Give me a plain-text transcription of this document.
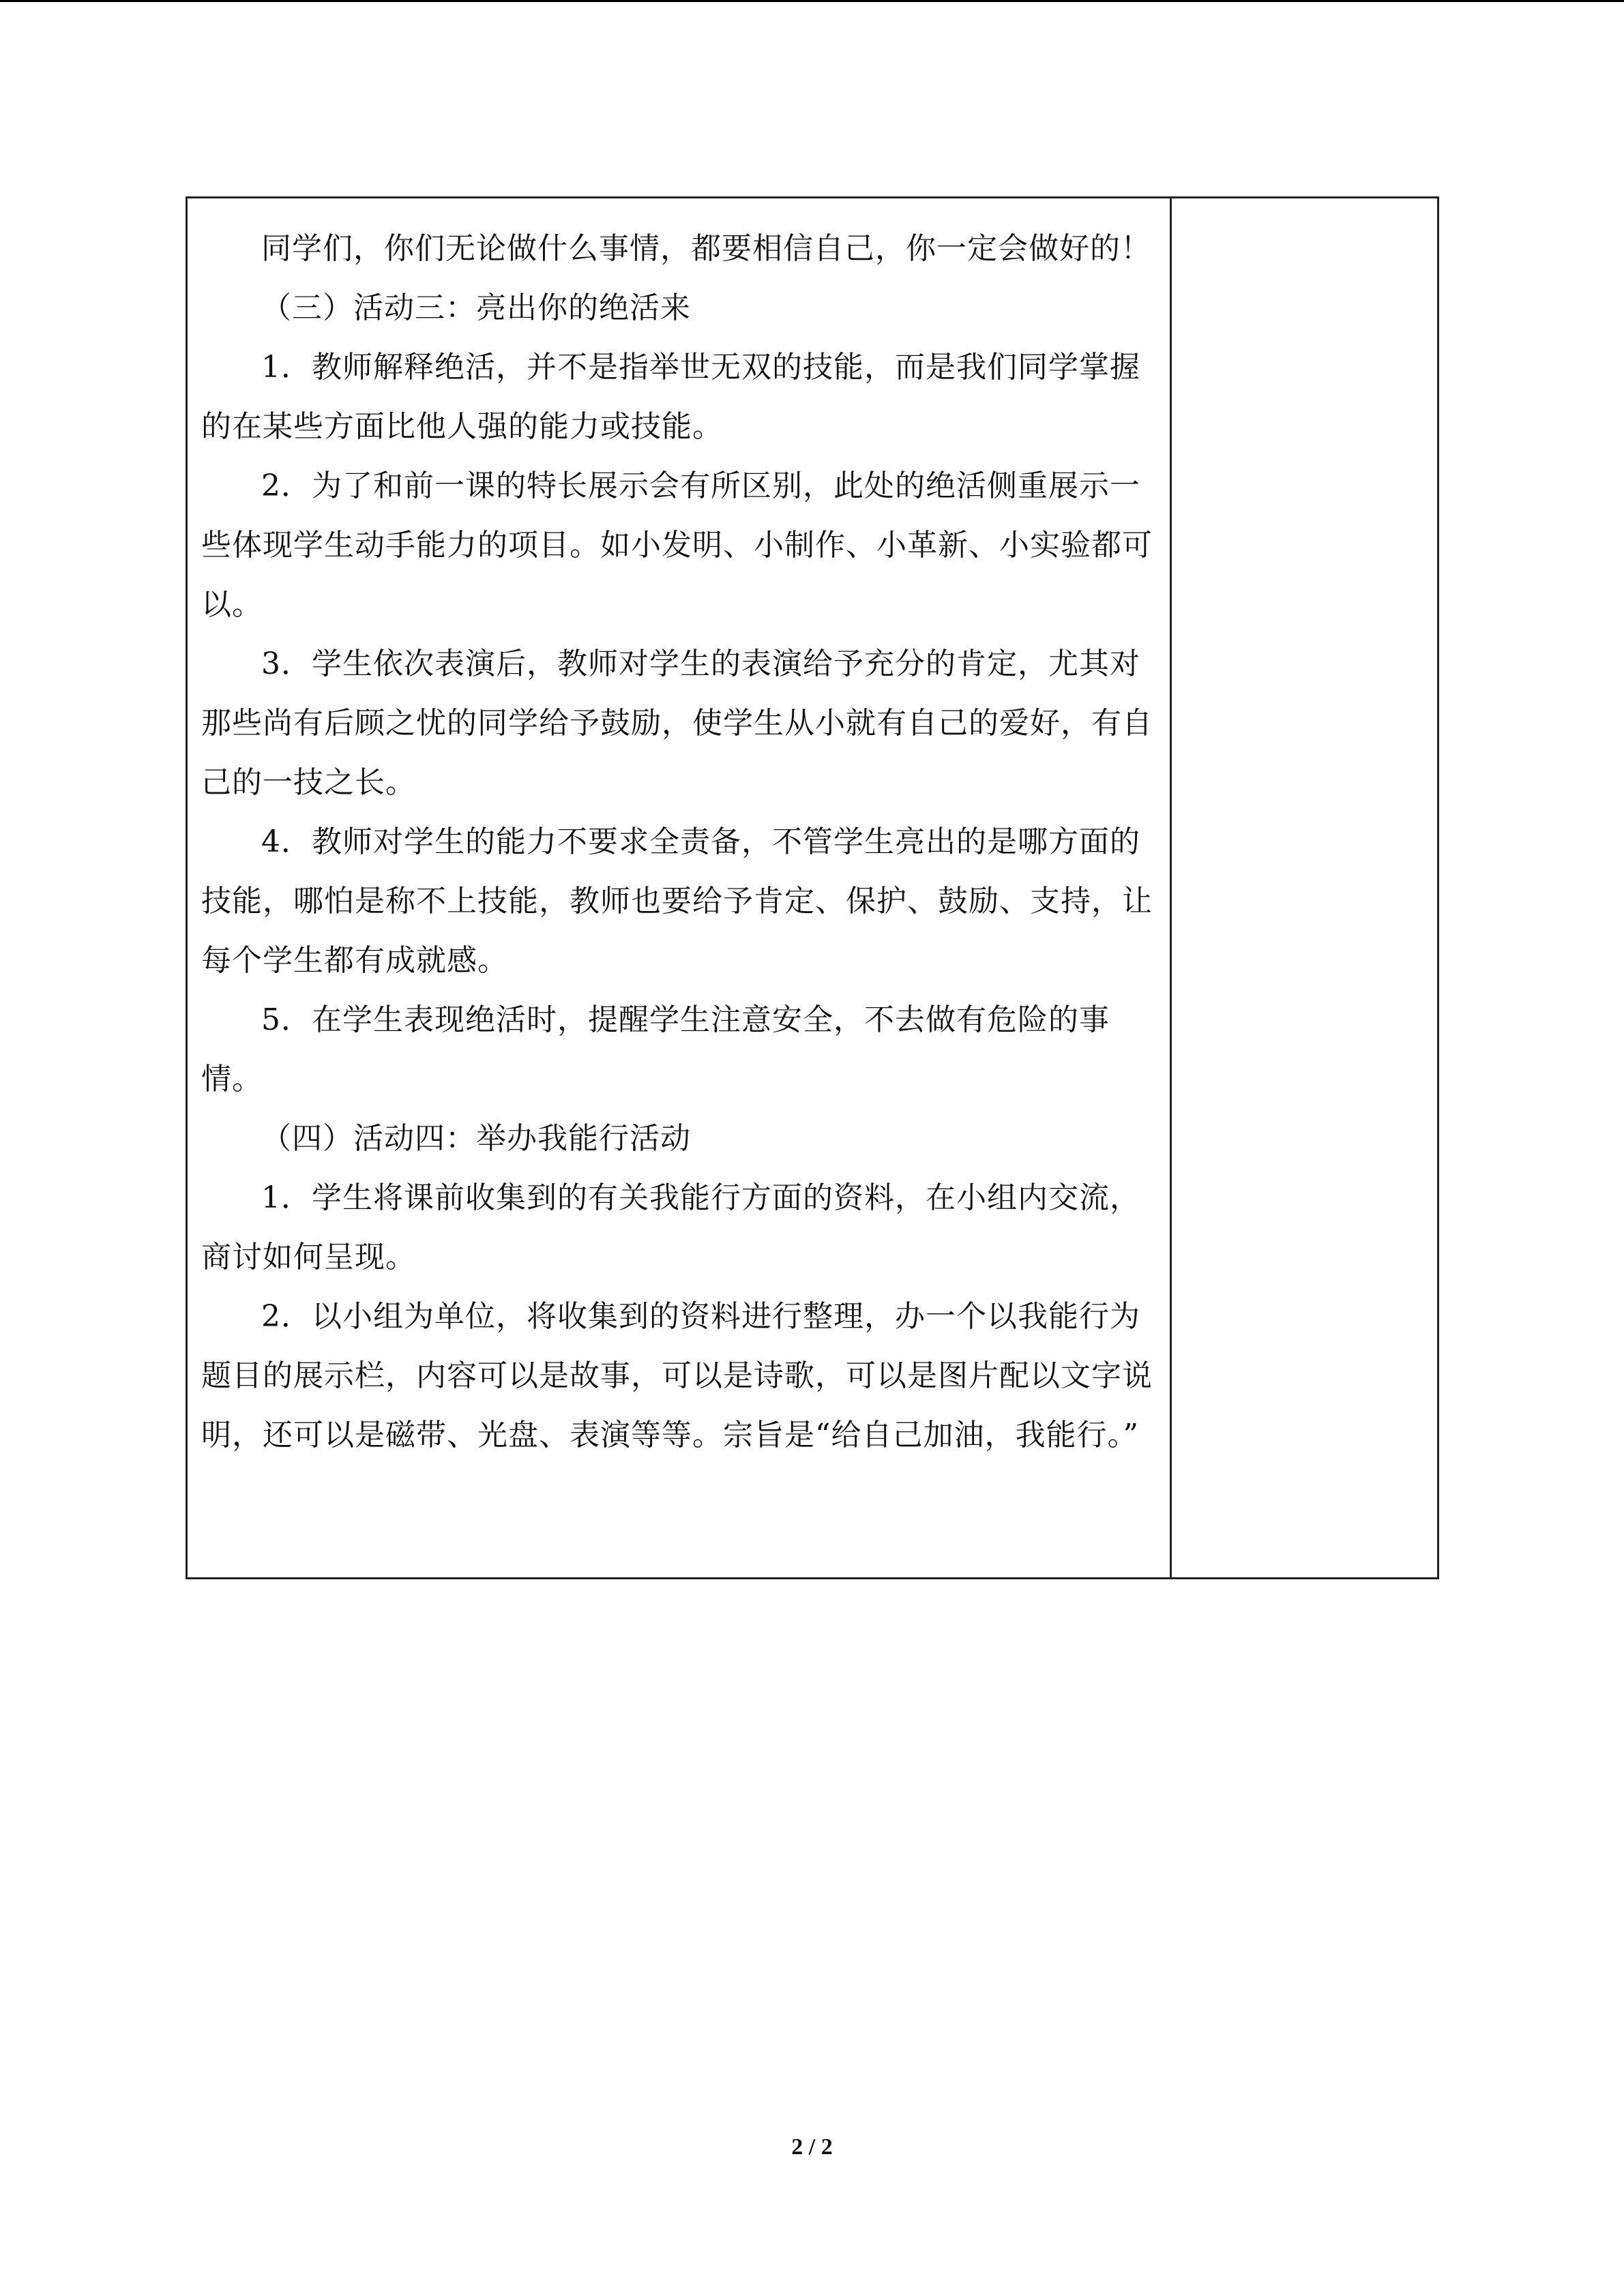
同学们，你们无论做什么事情，都要相信自己，你一定会做好的！

（三）活动三：亮出你的绝活来

1．教师解释绝活，并不是指举世无双的技能，而是我们同学掌握的在某些方面比他人强的能力或技能。

2．为了和前一课的特长展示会有所区别，此处的绝活侧重展示一些体现学生动手能力的项目。如小发明、小制作、小革新、小实验都可以。

3．学生依次表演后，教师对学生的表演给予充分的肯定，尤其对那些尚有后顾之忧的同学给予鼓励，使学生从小就有自己的爱好，有自己的一技之长。

4．教师对学生的能力不要求全责备，不管学生亮出的是哪方面的技能，哪怕是称不上技能，教师也要给予肯定、保护、鼓励、支持，让每个学生都有成就感。

5．在学生表现绝活时，提醒学生注意安全，不去做有危险的事情。

（四）活动四：举办我能行活动

1．学生将课前收集到的有关我能行方面的资料，在小组内交流，商讨如何呈现。

2．以小组为单位，将收集到的资料进行整理，办一个以我能行为题目的展示栏，内容可以是故事，可以是诗歌，可以是图片配以文字说明，还可以是磁带、光盘、表演等等。宗旨是“给自己加油，我能行。”

2 / 2
